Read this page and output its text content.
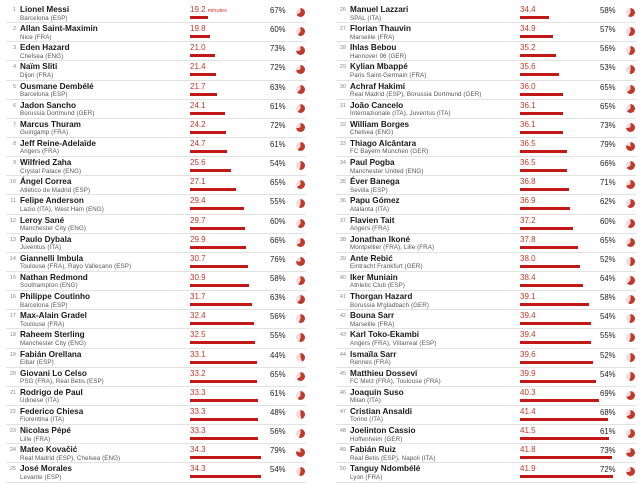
1 Lionel Messi
Barcelona (ESP)
19.2 minutes	67%
2 Allan Saint-Maximin
Nice (FRA)
19.8	60%
3 Eden Hazard
Chelsea (ENG)
21.0	73%
4 Naïm Sliti
Dijon (FRA)
21.4	72%
5 Ousmane Dembélé
Barcelona (ESP)
21.7	63%
6 Jadon Sancho
Borussia Dortmund (GER)
24.1	61%
7 Marcus Thuram
Guingamp (FRA)
24.2	72%
8 Jeff Reine-Adelaïde
Angers (FRA)
24.7	61%
9 Wilfried Zaha
Crystal Palace (ENG)
25.6	54%
10 Ángel Correa
Atlético de Madrid (ESP)
27.1	65%
11 Felipe Anderson
Lazio (ITA), West Ham (ENG)
29.4	55%
12 Leroy Sané
Manchester City (ENG)
29.7	60%
13 Paulo Dybala
Juventus (ITA)
29.9	66%
14 Giannelli Imbula
Toulouse (FRA), Rayo Vallecano (ESP)
30.7	76%
15 Nathan Redmond
Southampton (ENG)
30.9	58%
16 Philippe Coutinho
Barcelona (ESP)
31.7	63%
17 Max-Alain Gradel
Toulouse (FRA)
32.4	56%
18 Raheem Sterling
Manchester City (ENG)
32.5	55%
19 Fabián Orellana
Eibar (ESP)
33.1	44%
20 Giovani Lo Celso
PSG (FRA), Real Betis (ESP)
33.2	65%
21 Rodrigo de Paul
Udinese (ITA)
33.3	61%
22 Federico Chiesa
Fiorentina (ITA)
33.3	48%
23 Nicolas Pépé
Lille (FRA)
33.3	56%
24 Mateo Kovačić
Real Madrid (ESP), Chelsea (ENG)
34.3	79%
25 José Morales
Levante (ESP)
34.3	54%
26 Manuel Lazzari
SPAL (ITA)
34.4	58%
27 Florian Thauvin
Marseille (FRA)
34.9	57%
28 Ihlas Bebou
Hannover 96 (GER)
35.2	56%
29 Kylian Mbappé
Paris Saint-Germain (FRA)
35.6	53%
30 Achraf Hakimi
Real Madrid (ESP), Borussia Dortmund (GER)
36.0	65%
31 João Cancelo
Internazionale (ITA), Juventus (ITA)
36.1	65%
32 William Borges
Chelsea (ENG)
36.1	73%
33 Thiago Alcântara
FC Bayern München (GER)
36.5	79%
34 Paul Pogba
Manchester United (ENG)
36.5	66%
35 Éver Banega
Sevilla (ESP)
36.8	71%
36 Papu Gómez
Atalanta (ITA)
36.9	62%
37 Flavien Tait
Angers (FRA)
37.2	60%
38 Jonathan Ikoné
Montpellier (FRA), Lille (FRA)
37.8	65%
39 Ante Rebić
Eintracht Frankfurt (GER)
38.0	52%
40 Iker Muniain
Athletic Club (ESP)
38.4	64%
41 Thorgan Hazard
Borussia M'gladbach (GER)
39.1	58%
42 Bouna Sarr
Marseille (FRA)
39.4	54%
43 Karl Toko-Ekambi
Angers (FRA), Villarreal (ESP)
39.4	55%
44 Ismaïla Sarr
Rennes (FRA)
39.6	52%
45 Matthieu Dossevi
FC Metz (FRA), Toulouse (FRA)
39.9	54%
46 Joaquín Suso
Milan (ITA)
40.3	69%
47 Cristian Ansaldi
Torino (ITA)
41.4	68%
48 Joelinton Cassio
Hoffenheim (GER)
41.5	61%
49 Fabián Ruiz
Real Betis (ESP), Napoli (ITA)
41.8	73%
50 Tanguy Ndombélé
Lyon (FRA)
41.9	72%
